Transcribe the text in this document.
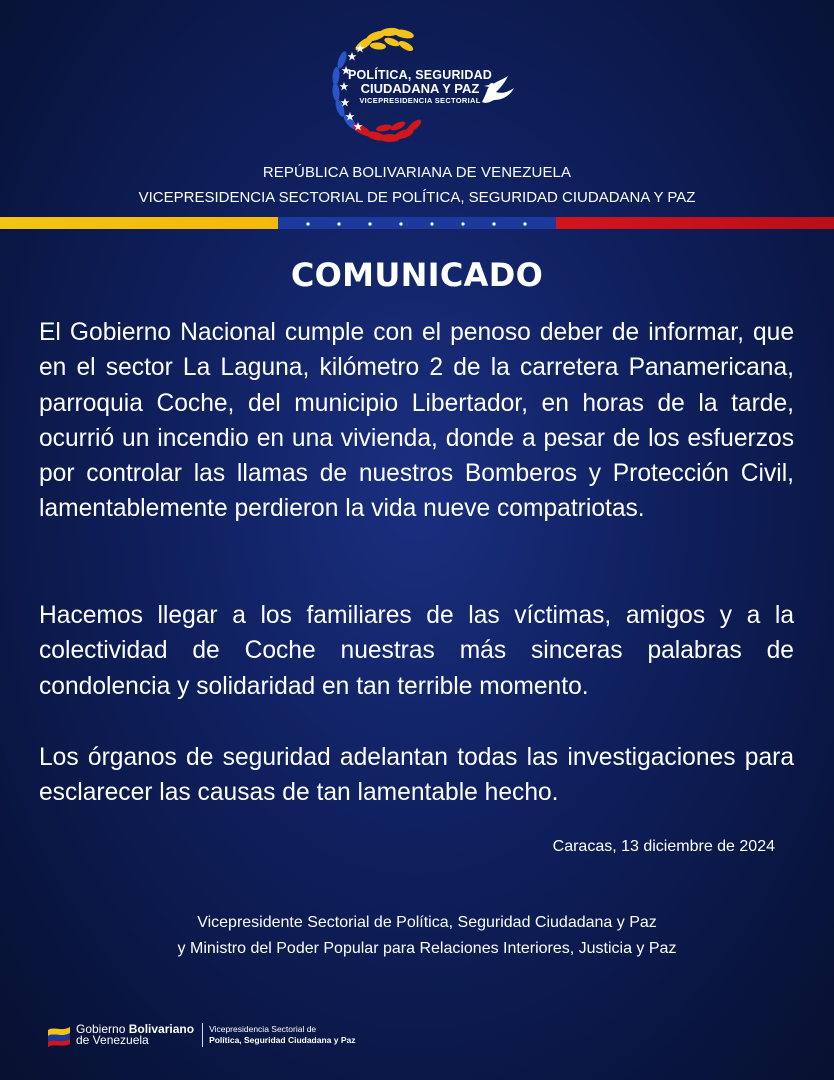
POLÍTICA, SEGURIDAD
CIUDADANA Y PAZ
VICEPRESIDENCIA SECTORIAL
REPÚBLICA BOLIVARIANA DE VENEZUELA
VICEPRESIDENCIA SECTORIAL DE POLÍTICA, SEGURIDAD CIUDADANA Y PAZ
COMUNICADO
El Gobierno Nacional cumple con el penoso deber de informar, que en el sector La Laguna, kilómetro 2 de la carretera Panamericana, parroquia Coche, del municipio Libertador, en horas de la tarde, ocurrió un incendio en una vivienda, donde a pesar de los esfuerzos por controlar las llamas de nuestros Bomberos y Protección Civil, lamentablemente perdieron la vida nueve compatriotas.
Hacemos llegar a los familiares de las víctimas, amigos y a la colectividad de Coche nuestras más sinceras palabras de condolencia y solidaridad en tan terrible momento.
Los órganos de seguridad adelantan todas las investigaciones para esclarecer las causas de tan lamentable hecho.
Caracas, 13 diciembre de 2024
Vicepresidente Sectorial de Política, Seguridad Ciudadana y Paz
y Ministro del Poder Popular para Relaciones Interiores, Justicia y Paz
Gobierno Bolivariano
de Venezuela
Vicepresidencia Sectorial de
Política, Seguridad Ciudadana y Paz
